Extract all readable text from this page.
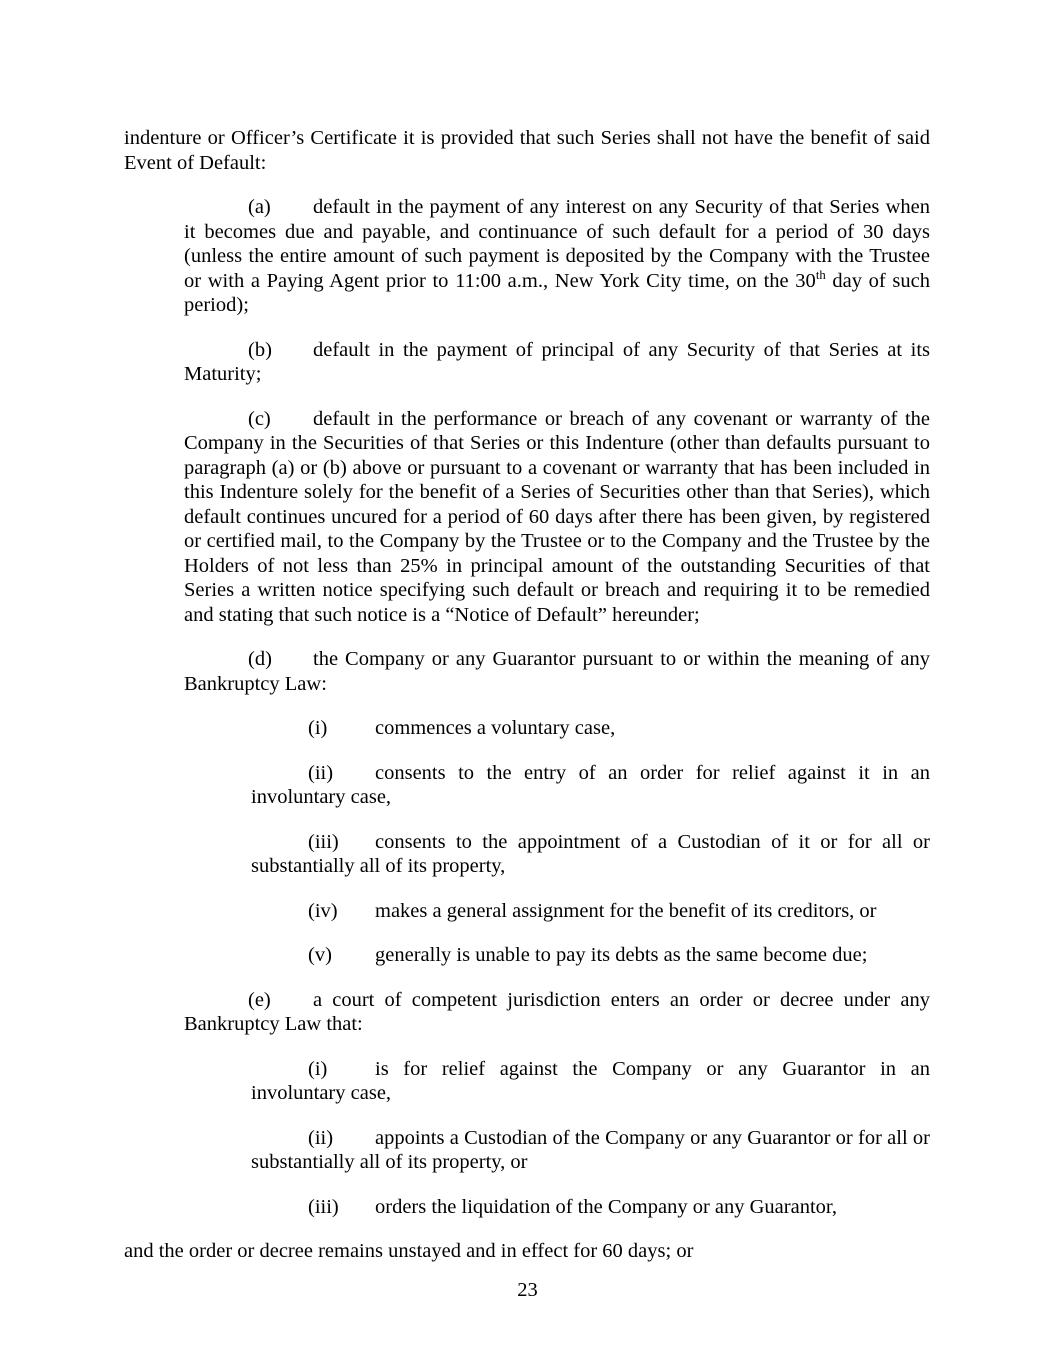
indenture or Officer’s Certificate it is provided that such Series shall not have the benefit of said Event of Default:

(a) default in the payment of any interest on any Security of that Series when it becomes due and payable, and continuance of such default for a period of 30 days (unless the entire amount of such payment is deposited by the Company with the Trustee or with a Paying Agent prior to 11:00 a.m., New York City time, on the 30th day of such period);

(b) default in the payment of principal of any Security of that Series at its Maturity;

(c) default in the performance or breach of any covenant or warranty of the Company in the Securities of that Series or this Indenture (other than defaults pursuant to paragraph (a) or (b) above or pursuant to a covenant or warranty that has been included in this Indenture solely for the benefit of a Series of Securities other than that Series), which default continues uncured for a period of 60 days after there has been given, by registered or certified mail, to the Company by the Trustee or to the Company and the Trustee by the Holders of not less than 25% in principal amount of the outstanding Securities of that Series a written notice specifying such default or breach and requiring it to be remedied and stating that such notice is a “Notice of Default” hereunder;

(d) the Company or any Guarantor pursuant to or within the meaning of any Bankruptcy Law:

(i) commences a voluntary case,

(ii) consents to the entry of an order for relief against it in an involuntary case,

(iii) consents to the appointment of a Custodian of it or for all or substantially all of its property,

(iv) makes a general assignment for the benefit of its creditors, or

(v) generally is unable to pay its debts as the same become due;

(e) a court of competent jurisdiction enters an order or decree under any Bankruptcy Law that:

(i) is for relief against the Company or any Guarantor in an involuntary case,

(ii) appoints a Custodian of the Company or any Guarantor or for all or substantially all of its property, or

(iii) orders the liquidation of the Company or any Guarantor,

and the order or decree remains unstayed and in effect for 60 days; or

23
